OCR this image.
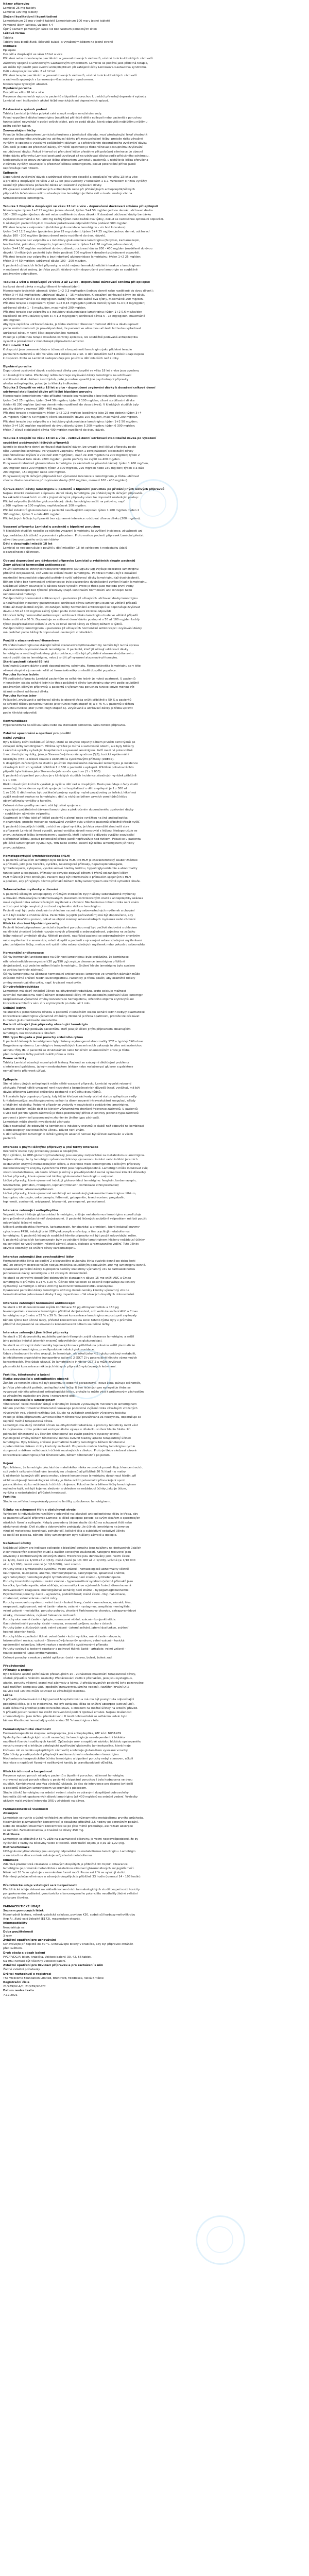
Název přípravku
Lamictal 25 mg tablety
Lamictal 100 mg tablety
Složení kvalitativní i kvantitativní
Lamotriginum 25 mg v jedné tabletě Lamotriginum 100 mg v jedné tabletě
Pomocné látky: laktosa, viz bod 4.4
Úplný seznam pomocných látek viz bod Seznam pomocných látek
Léková forma
Tableta
Tablety jsou bledě žluté, štítovitě kulaté, s vyraženým kódem na jedné straně
Indikace
Epilepsie
Dospělí a dospívající ve věku 13 let a více
Přídatná nebo monoterapie parciálních a generalizovaných záchvatů, včetně tonicko-klonických záchvatů.
Záchvaty spojené s Lennoxovým-Gastautovým syndromem. Lamictal se podává jako přídatná terapie,
ale může být použit jako úvodní antiepileptikum při zahájení léčby Lennoxova-Gastautova syndromu.
Děti a dospívající ve věku 2 až 12 let
Přídatná terapie parciálních a generalizovaných záchvatů, včetně tonicko-klonických záchvatů
a záchvatů spojených s Lennoxovým-Gastautovým syndromem.
Monoterapie typických absencí.
Bipolární porucha
Dospělí ve věku 18 let a více
Prevence depresivních epizod u pacientů s bipolární poruchou I, u nichž převažují depresivní epizody.
Lamictal není indikován k akutní léčbě manických ani depresivních epizod.
Dávkování a způsob podání
Tablety Lamictal je třeba polykat celé a zapít malým množstvím vody.
Pokud vypočtená dávka lamotriginu (například při léčbě dětí s epilepsií nebo pacientů s poruchou
funkce jater) nevychází v počet celých tablet, pak se podá dávka, která odpovídá nejbližšímu nižšímu
počtu celých tablet.
Znovuzahájení léčby
Pokud je léčba přípravkem Lamictal přerušena z jakéhokoli důvodu, musí předepisující lékař zhodnotit
nutnost postupného zvyšování na udržovací dávku při znovuzahájení léčby, protože riziko závažné
vyrážky je spojeno s vysokými počátečními dávkami a s překročením doporučeného zvyšování dávky.
Čím delší je doba od předchozí dávky, tím větší opatrnost je třeba věnovat postupnému zvyšování
na udržovací dávku. Pokud interval od přerušení léčby přesáhne pět poločasů eliminace, je obecně
třeba dávku přípravku Lamictal postupně zvyšovat až na udržovací dávku podle příslušného schématu.
Nedoporučuje se znovu zahajovat léčbu přípravkem Lamictal u pacientů, u nichž byla léčba přerušena
z důvodu vyrážky související s předchozí léčbou lamotriginem, pokud potenciální přínos jasně
nepřevažuje nad rizikem.
Epilepsie
Doporučené zvyšování dávek a udržovací dávky pro dospělé a dospívající ve věku 13 let a více
a pro děti a dospívající ve věku 2 až 12 let jsou uvedeny v tabulkách 1 a 2. Vzhledem k riziku vyrážky
nesmí být překročena počáteční dávka ani následné zvyšování dávky.
Při vysazení souběžně podávaných antiepileptik nebo při přidání jiných antiepileptik/léčivých
přípravků k léčebnému režimu obsahujícímu lamotrigin je třeba vzít v úvahu možný vliv na
farmakokinetiku lamotriginu.
Tabulka 1 Dospělí a dospívající ve věku 13 let a více - doporučené dávkovací schéma při epilepsii
Monoterapie: týden 1+2 25 mg/den jednou denně; týden 3+4 50 mg/den jednou denně; udržovací dávka
100 - 200 mg/den (jednou denně nebo rozděleně do dvou dávek). K dosažení udržovací dávky lze dávku
zvyšovat maximálně o 50 - 100 mg každý týden nebo každé dva týdny, dokud se nedosáhne optimální odpovědi.
U některých pacientů bylo k dosažení požadované odpovědi třeba podávat 500 mg/den.
Přídatná terapie s valproátem (inhibitor glukuronidace lamotriginu - viz bod Interakce):
týden 1+2 12,5 mg/den (podáváno jako 25 mg obden); týden 3+4 25 mg/den jednou denně; udržovací
dávka 100 - 200 mg/den (jednou denně nebo rozděleně do dvou dávek).
Přídatná terapie bez valproátu a s induktory glukuronidace lamotriginu (fenytoin, karbamazepin,
fenobarbital, primidon, rifampicin, lopinavir/ritonavir): týden 1+2 50 mg/den jednou denně;
týden 3+4 100 mg/den rozděleně do dvou dávek; udržovací dávka 200 - 400 mg/den (rozděleně do dvou
dávek). U některých pacientů bylo třeba podávat 700 mg/den k dosažení požadované odpovědi.
Přídatná terapie bez valproátu a bez induktorů glukuronidace lamotriginu: týden 1+2 25 mg/den;
týden 3+4 50 mg/den; udržovací dávka 100 - 200 mg/den.
U pacientů užívajících léčivé přípravky, u nichž nejsou farmakokinetické interakce s lamotriginem
v současné době známy, je třeba použít léčebný režim doporučený pro lamotrigin se souběžně
podávaným valproátem.
Tabulka 2 Děti a dospívající ve věku 2 až 12 let - doporučené dávkovací schéma při epilepsii
(celková denní dávka v mg/kg tělesné hmotnosti/den)
Monoterapie typických absencí: týden 1+2 0,3 mg/kg/den (jednou denně nebo rozděleně do dvou dávek);
týden 3+4 0,6 mg/kg/den; udržovací dávka 1 - 15 mg/kg/den. K dosažení udržovací dávky lze dávku
zvyšovat maximálně o 0,6 mg/kg/den každý týden nebo každé dva týdny, maximálně 200 mg/den.
Přídatná terapie s valproátem: týden 1+2 0,15 mg/kg/den jednou denně; týden 3+4 0,3 mg/kg/den;
udržovací dávka 1 - 5 mg/kg/den, maximálně 200 mg/den.
Přídatná terapie bez valproátu a s induktory glukuronidace lamotriginu: týden 1+2 0,6 mg/kg/den
rozděleně do dvou dávek; týden 3+4 1,2 mg/kg/den; udržovací dávka 5 - 15 mg/kg/den, maximálně
400 mg/den.
Aby byla zajištěna udržovací dávka, je třeba sledovat tělesnou hmotnost dítěte a dávku upravit
podle změn hmotnosti. Je pravděpodobné, že pacienti ve věku dvou až šesti let budou vyžadovat
udržovací dávku v horní části doporučeného rozmezí.
Pokud je s přídatnou terapií dosaženo kontroly epilepsie, lze souběžně podávaná antiepileptika
vysadit a pokračovat v monoterapii přípravkem Lamictal.
Děti mladší 2 let
K dispozici jsou omezené údaje o účinnosti a bezpečnosti lamotriginu jako přídatné terapie
parciálních záchvatů u dětí ve věku od 1 měsíce do 2 let. U dětí mladších než 1 měsíc údaje nejsou
k dispozici. Proto se Lamictal nedoporučuje pro použití u dětí mladších než 2 roky.
Bipolární porucha
Doporučené zvyšování dávek a udržovací dávky pro dospělé ve věku 18 let a více jsou uvedeny
v následující tabulce. Přechodný režim zahrnuje zvyšování dávky lamotriginu na udržovací
stabilizační dávku během šesti týdnů, poté je možné vysadit jiné psychotropní přípravky
a/nebo antiepileptika, pokud je to klinicky indikováno.
Tabulka 3 Dospělí ve věku 18 let a více - doporučené zvyšování dávky k dosažení celkové denní
udržovací stabilizační dávky při léčbě bipolární poruchy
Monoterapie lamotriginem nebo přídatná terapie bez valproátu a bez induktorů glukuronidace:
týden 1+2 25 mg/den; týden 3+4 50 mg/den; týden 5 100 mg/den; cílová stabilizační dávka
(týden 6) 200 mg/den (jednou denně nebo rozděleně do dvou dávek). V klinických studiích byly
použity dávky v rozmezí 100 - 400 mg/den.
Přídatná terapie s valproátem: týden 1+2 12,5 mg/den (podáváno jako 25 mg obden); týden 3+4
25 mg/den; týden 5 50 mg/den; cílová stabilizační dávka 100 mg/den, maximálně 200 mg/den.
Přídatná terapie bez valproátu a s induktory glukuronidace lamotriginu: týden 1+2 50 mg/den;
týden 3+4 100 mg/den rozděleně do dvou dávek; týden 5 200 mg/den; týden 6 300 mg/den;
týden 7 cílová stabilizační dávka 400 mg/den rozděleně do dvou dávek.
Tabulka 4 Dospělí ve věku 18 let a více - celková denní udržovací stabilizační dávka po vysazení
souběžně podávaných léčivých přípravků
Jakmile je dosaženo denní udržovací stabilizační dávky, lze vysadit jiné léčivé přípravky podle
níže uvedeného schématu. Po vysazení valproátu: týden 1 zdvojnásobení stabilizační dávky
(nepřekračovat zvýšení o více než 100 mg/týden), např. ze 100 mg/den na 200 mg/den; týden 2
a dále udržovat tuto dávku (200 mg/den), podle potřeby lze zvýšit na 400 mg/den.
Po vysazení induktorů glukuronidace lamotriginu (v závislosti na původní dávce): týden 1 400 mg/den,
300 mg/den nebo 200 mg/den; týden 2 300 mg/den, 225 mg/den nebo 150 mg/den; týden 3 a dále
200 mg/den, 150 mg/den nebo 100 mg/den.
Po vysazení jiných léčivých přípravků bez významné interakce s lamotriginem je třeba udržovat
cílovou dávku dosaženou při zvyšování dávky (200 mg/den, rozmezí 100 - 400 mg/den).
Úprava denní dávky lamotriginu u pacientů s bipolární poruchou po přidání jiných léčivých přípravků
Nejsou klinické zkušenosti s úpravou denní dávky lamotriginu po přidání jiných léčivých přípravků.
Na základě interakčních studií s jinými léčivými přípravky však lze doporučit následující postup:
Přidání valproátu (inhibitor glukuronidace): dávku lamotriginu snížit na polovinu, např.
z 200 mg/den na 100 mg/den; nepřekračovat 100 mg/den.
Přidání induktorů glukuronidace u pacientů neužívajících valproát: týden 1 200 mg/den, týden 2
300 mg/den, týden 3 a dále 400 mg/den.
Přidání jiných léčivých přípravků bez významné interakce: udržovat cílovou dávku (200 mg/den).
Vysazení přípravku Lamictal u pacientů s bipolární poruchou
V klinických studiích nedošlo po náhlém vysazení lamotriginu ke zvýšení incidence, závažnosti ani
typu nežádoucích účinků v porovnání s placebem. Proto mohou pacienti přípravek Lamictal přestat
užívat bez postupného snižování dávky.
Děti a dospívající mladší 18 let
Lamictal se nedoporučuje k použití u dětí mladších 18 let vzhledem k nedostatku údajů
o bezpečnosti a účinnosti.
Obecná doporučení pro dávkování přípravku Lamictal u zvláštních skupin pacientů
Ženy užívající hormonální antikoncepci
Použití kombinace ethinylestradiol/levonorgestrel (30 µg/150 µg) zvyšuje clearance lamotriginu
přibližně dvojnásobně, což vede ke snížení hladin lamotriginu. Po titraci mohou být k dosažení
maximální terapeutické odpovědi potřebné vyšší udržovací dávky lamotriginu (až dvojnásobné).
Během týdne bez hormonální antikoncepce bylo pozorováno dvojnásobné zvýšení hladin lamotriginu.
Nežádoucí účinky související s dávkou nelze vyloučit. Proto je třeba jako metodu první volby
zvážit antikoncepci bez týdenní přestávky (např. kontinuální hormonální antikoncepci nebo
nehormonální metody).
Zahájení léčby hormonální antikoncepcí u pacientek již užívajících udržovací dávky lamotriginu
a neužívajících induktory glukuronidace: udržovací dávku lamotriginu bude ve většině případů
třeba až dvojnásobně zvýšit. Od zahájení léčby hormonální antikoncepcí se doporučuje zvyšovat
dávku o 50 až 100 mg/den každý týden podle individuální klinické odpovědi.
Ukončení léčby hormonální antikoncepcí: udržovací dávku lamotriginu bude ve většině případů
třeba snížit až o 50 %. Doporučuje se snižovat denní dávku postupně o 50 až 100 mg/den každý
týden (nepřekračovat snížení o 25 % celkové denní dávky za týden) během 3 týdnů.
Zahájení léčby lamotriginem u pacientek již užívajících hormonální antikoncepci: zvyšování dávky
má probíhat podle běžných doporučení uvedených v tabulkách.
Použití s atazanavirem/ritonavirem
Při přidání lamotriginu ke stávající léčbě atazanavirem/ritonavirem by neměla být nutná úprava
doporučeného zvyšování dávek lamotriginu. U pacientů, kteří již užívají udržovací dávky
lamotriginu a neužívají induktory glukuronidace, může být při přidání atazanaviru/ritonaviru
nutné zvýšit dávku lamotriginu, nebo ji snížit při vysazení atazanaviru/ritonaviru.
Starší pacienti (starší 65 let)
Není nutná úprava dávky oproti doporučenému schématu. Farmakokinetika lamotriginu se v této
věkové skupině významně neliší od farmakokinetiky u mladší dospělé populace.
Porucha funkce ledvin
Při podávání přípravku Lamictal pacientům se selháním ledvin je nutná opatrnost. U pacientů
v konečném stadiu selhání ledvin je třeba počáteční dávky lamotriginu stanovit podle souběžně
podávaných léčivých přípravků; u pacientů s významnou poruchou funkce ledvin mohou být
účinné snížené udržovací dávky.
Porucha funkce jater
Počáteční, zvyšované a udržovací dávky je obecně třeba snížit přibližně o 50 % u pacientů
se středně těžkou poruchou funkce jater (Child-Pugh stupeň B) a o 75 % u pacientů s těžkou
poruchou funkce jater (Child-Pugh stupeň C). Zvyšované a udržovací dávky je třeba upravit
podle klinické odpovědi.
Kontraindikace
Hypersenzitivita na léčivou látku nebo na kteroukoli pomocnou látku tohoto přípravku.
Zvláštní upozornění a opatření pro použití
Kožní vyrážka
Byly hlášeny kožní nežádoucí účinky, které se obvykle objevily během prvních osmi týdnů po
zahájení léčby lamotriginem. Většina vyrážek je mírná a samovolně odezní, ale byly hlášeny
i závažné vyrážky vyžadující hospitalizaci a vysazení lamotriginu. Patří mezi ně potenciálně
život ohrožující vyrážky, jako je Stevensův-Johnsonův syndrom (SJS), toxická epidermální
nekrolýza (TEN) a léková reakce s eozinofilií a systémovými příznaky (DRESS).
U dospělých zařazených do studií s použitím doporučeného dávkování lamotriginu je incidence
závažných kožních vyrážek přibližně 1 z 500 u pacientů s epilepsií. Přibližně polovina těchto
případů byla hlášena jako Stevensův-Johnsonův syndrom (1 z 1 000).
U pacientů s bipolární poruchou je v klinických studiích incidence závažných vyrážek přibližně
1 z 1 000.
Riziko závažných kožních vyrážek je vyšší u dětí než u dospělých. Dostupné údaje z řady studií
naznačují, že incidence vyrážek spojených s hospitalizací u dětí s epilepsií je 1 z 300 až
1 ze 100. U dětí mohou být počáteční projevy vyrážky mylně považovány za infekci; lékař má
zvážit možnost reakce na lamotrigin u dětí, u nichž se během prvních osmi týdnů léčby
objeví příznaky vyrážky a horečky.
Celkové riziko vyrážky se navíc zdá být silně spojeno s:
- vysokými počátečními dávkami lamotriginu a překročením doporučeného zvyšování dávky
- souběžným užíváním valproátu.
Opatrnosti je třeba také při léčbě pacientů s alergií nebo vyrážkou na jiná antiepileptika
v anamnéze, protože frekvence nezávažné vyrážky byla u těchto pacientů přibližně třikrát vyšší.
U pacientů (dospělých i dětí), u nichž se objeví vyrážka, je třeba okamžitě zhodnotit stav
a přípravek Lamictal ihned vysadit, pokud vyrážka zjevně nesouvisí s léčbou. Nedoporučuje se
znovu zahajovat léčbu lamotriginem u pacientů, kteří ji ukončili z důvodu vyrážky související
s předchozí léčbou, pokud potenciální přínos jasně nepřevažuje nad rizikem. Pokud se u pacienta
při léčbě lamotriginem vyvinul SJS, TEN nebo DRESS, nesmí být léčba lamotriginem již nikdy
znovu zahájena.
Hemofagocytující lymfohistiocytóza (HLH)
U pacientů užívajících lamotrigin byla hlášena HLH. Pro HLH je charakteristický soubor známek
a příznaků, jako jsou horečka, vyrážka, neurologické příznaky, hepatosplenomegalie,
lymfadenopatie, cytopenie, vysoké sérové hladiny feritinu, hypertriglyceridemie a abnormality
funkce jater a koagulace. Příznaky se obvykle objevují během 4 týdnů od zahájení léčby.
HLH může být život ohrožující. Pacienti mají být informováni o příznacích spojených s HLH
a poučeni, aby při výskytu těchto příznaků během léčby lamotriginem okamžitě vyhledali lékaře.
Sebevražedné myšlenky a chování
U pacientů léčených antiepileptiky v různých indikacích byly hlášeny sebevražedné myšlenky
a chování. Metaanalýza randomizovaných placebem kontrolovaných studií s antiepileptiky ukázala
malé zvýšení rizika sebevražedných myšlenek a chování. Mechanismus tohoto rizika není znám
a dostupné údaje nevylučují možnost zvýšeného rizika u lamotriginu.
Pacienti mají být proto sledováni s ohledem na známky sebevražedných myšlenek a chování
a má být zvážena vhodná léčba. Pacientům (a jejich pečovatelům) má být doporučeno, aby
vyhledali lékařskou pomoc, pokud se objeví známky sebevražedných myšlenek nebo chování.
Klinické zhoršení bipolární poruchy
Pacienti léčení přípravkem Lamictal s bipolární poruchou mají být pečlivě sledováni s ohledem
na klinické zhoršení (včetně rozvoje nových příznaků) a sebevražednost, zejména na začátku
léčby nebo při změnách dávky. Někteří pacienti, například pacienti se sebevražedným chováním
nebo myšlenkami v anamnéze, mladí dospělí a pacienti s výraznými sebevražednými myšlenkami
před zahájením léčby, mohou mít vyšší riziko sebevražedných myšlenek nebo pokusů o sebevraždu.
Hormonální antikoncepce
Účinky hormonální antikoncepce na účinnost lamotriginu: bylo prokázáno, že kombinace
ethinylestradiol/levonorgestrel (30 µg/150 µg) zvyšuje clearance lamotriginu přibližně
dvojnásobně, což vede ke snížení hladin lamotriginu. Snížení hladin lamotriginu bylo spojeno
se ztrátou kontroly záchvatů.
Účinky lamotriginu na účinnost hormonální antikoncepce: lamotrigin ve vysokých dávkách může
způsobit mírné snížení hladin levonorgestrelu. Pacientky je třeba poučit, aby okamžitě hlásily
změny menstruačního cyklu, např. krvácení mezi cykly.
Dihydrofolátreduktáza
Lamotrigin má slabý inhibiční účinek na dihydrofolátreduktázu, proto existuje možnost
ovlivnění metabolismu folátů během dlouhodobé léčby. Při dlouhodobém podávání však lamotrigin
nezpůsoboval významné změny koncentrace hemoglobinu, středního objemu erytrocytů ani
koncentrace folátů v séru či v erytrocytech po dobu až 1 roku.
Selhání ledvin
Ve studiích s jednorázovou dávkou u pacientů v konečném stadiu selhání ledvin nebyly plazmatické
koncentrace lamotriginu významně změněny. Nicméně je třeba opatrnosti, protože lze očekávat
kumulaci glukuronidového metabolitu.
Pacienti užívající jiné přípravky obsahující lamotrigin
Lamictal nemá být podáván pacientům, kteří jsou již léčeni jiným přípravkem obsahujícím
lamotrigin, bez konzultace s lékařem.
EKG typu Brugada a jiné poruchy srdečního rytmu
U pacientů léčených lamotriginem byly hlášeny arytmogenní abnormality ST-T a typický EKG obraz
Brugadova syndromu. Lamotrigin v terapeutických koncentracích vykazuje in vitro antiarytmickou
aktivitu třídy IB. U pacientů se strukturálním nebo funkčním onemocněním srdce je třeba
před zahájením léčby pečlivě zvážit přínos a rizika.
Pomocné látky
Tablety Lamictal obsahují monohydrát laktosy. Pacienti se vzácnými dědičnými problémy
s intolerancí galaktosy, úplným nedostatkem laktázy nebo malabsorpcí glukosy a galaktosy
nemají tento přípravek užívat.
Epilepsie
Stejně jako u jiných antiepileptik může náhlé vysazení přípravku Lamictal vyvolat rebound
záchvaty. Pokud náhlé vysazení není nezbytné z bezpečnostních důvodů (např. vyrážka), má být
dávka přípravku Lamictal snižována postupně v průběhu dvou týdnů.
V literatuře byly popsány případy, kdy těžké křečové záchvaty včetně status epilepticus vedly
k rhabdomyolýze, multiorgánovému selhání a diseminované intravaskulární koagulaci, někdy
s fatálními následky. Podobné případy se vyskytly v souvislosti s podáváním lamotriginu.
Namísto zlepšení může dojít ke klinicky významnému zhoršení frekvence záchvatů. U pacientů
s více než jedním typem záchvatů je třeba pozorovaný přínos z kontroly jednoho typu záchvatů
porovnat s jakýmkoli pozorovaným zhoršením jiného typu záchvatů.
Lamotrigin může zhoršit myoklonické záchvaty.
Údaje naznačují, že odpověď na kombinaci s induktory enzymů je slabší než odpověď na kombinaci
s antiepileptiky bez indukčního účinku. Důvod není znám.
U dětí užívajících lamotrigin k léčbě typických absencí nemusí být účinek zachován u všech
pacientů.
Interakce s jinými léčivými přípravky a jiné formy interakce
Interakční studie byly provedeny pouze u dospělých.
Bylo zjištěno, že UDP-glukuronyltransferázy jsou enzymy zodpovědné za metabolismus lamotriginu.
Nejsou důkazy, že by lamotrigin způsoboval klinicky významnou indukci nebo inhibici jaterních
oxidativních enzymů metabolizujících léčiva, a interakce mezi lamotriginem a léčivými přípravky
metabolizovanými enzymy cytochromu P450 jsou nepravděpodobné. Lamotrigin může indukovat svůj
vlastní metabolismus, ale tento účinek je mírný a pravděpodobně nemá významné klinické důsledky.
Léčivé přípravky, které významně inhibují glukuronidaci lamotriginu: valproát.
Léčivé přípravky, které významně indukují glukuronidaci lamotriginu: fenytoin, karbamazepin,
fenobarbital, primidon, rifampicin, lopinavir/ritonavir, kombinace ethinylestradiol/
levonorgestrel, atazanavir/ritonavir.
Léčivé přípravky, které významně neinhibují ani neindukují glukuronidaci lamotriginu: lithium,
bupropion, olanzapin, oxkarbazepin, felbamát, gabapentin, levetiracetam, pregabalin,
topiramát, zonisamid, aripiprazol, lakosamid, perampanel, paracetamol.
Interakce zahrnující antiepileptika
Valproát, který inhibuje glukuronidaci lamotriginu, snižuje metabolismus lamotriginu a prodlužuje
jeho průměrný poločas téměř dvojnásobně. U pacientů léčených souběžně valproátem má být použit
odpovídající léčebný režim.
Některá antiepileptika (fenytoin, karbamazepin, fenobarbital a primidon), která indukují enzymy
cytochromu P450, indukují také UDP-glukuronyltransferázy, a tím urychlují metabolismus
lamotriginu. U pacientů léčených souběžně těmito přípravky má být použit odpovídající režim.
U pacientů užívajících karbamazepin byly po zahájení léčby lamotriginem hlášeny nežádoucí účinky
na centrální nervový systém, včetně závratí, ataxie, diplopie a rozmazaného vidění. Tyto účinky
obvykle odezněly po snížení dávky karbamazepinu.
Interakce zahrnující jiné psychoaktivní látky
Farmakokinetika lithia po podání 2 g bezvodého glukonátu lithia dvakrát denně po dobu šesti
dnů 20 zdravým dobrovolníkům nebyla změněna souběžným podáváním 100 mg lamotriginu denně.
Opakované perorální dávky bupropionu neměly statisticky významný vliv na farmakokinetiku
jednorázové dávky lamotriginu u 12 zdravých dobrovolníků.
Ve studii se zdravými dospělými dobrovolníky olanzapin v dávce 15 mg snížil AUC a Cmax
lamotriginu v průměru o 24 % a 20 %. Účinek této velikosti se obecně nepovažuje za klinicky
významný. Lamotrigin v dávce 200 mg neovlivnil farmakokinetiku olanzapinu.
Opakované perorální dávky lamotriginu 400 mg denně neměly klinicky významný vliv na
farmakokinetiku jednorázové dávky 2 mg risperidonu u 14 zdravých dospělých dobrovolníků.
Interakce zahrnující hormonální antikoncepci
Ve studii s 16 dobrovolnicemi zvýšila kombinace 30 µg ethinylestradiolu a 150 µg
levonorgestrelu clearance lamotriginu přibližně dvojnásobně, což vedlo ke snížení AUC a Cmax
lamotriginu v průměru o 52 % a 39 %. Sérové koncentrace lamotriginu se postupně zvyšovaly
během týdne bez účinné látky, přičemž koncentrace na konci tohoto týdne byly v průměru
přibližně dvojnásobné ve srovnání s koncentracemi během souběžné léčby.
Interakce zahrnující jiné léčivé přípravky
Ve studii s 10 dobrovolníky mužského pohlaví rifampicin zvýšil clearance lamotriginu a snížil
jeho poločas indukcí jaterních enzymů odpovědných za glukuronidaci.
Ve studii se zdravými dobrovolníky lopinavir/ritonavir přibližně na polovinu snížil plazmatické
koncentrace lamotriginu, pravděpodobně indukcí glukuronidace.
Údaje z hodnocení in vitro ukazují, že lamotrigin, ale nikoli jeho N(2)-glukuronidový metabolit,
je inhibitorem organického transportéru kationtů 2 (OCT 2) v potenciálně klinicky významných
koncentracích. Tyto údaje ukazují, že lamotrigin je inhibitor OCT 2 a může zvyšovat
plazmatické koncentrace některých léčivých přípravků vylučovaných ledvinami.
Fertilita, těhotenství a kojení
Riziko související s antiepileptiky obecně
Ženám ve fertilním věku má být poskytnuto odborné poradenství. Pokud žena plánuje otěhotnět,
je třeba přehodnotit potřebu antiepileptické léčby. U žen léčených pro epilepsii je třeba se
vyvarovat náhlého přerušení antiepileptické léčby, protože to může vést k průlomovým záchvatům
se závažnými následky pro ženu i nenarozené dítě.
Riziko související s lamotriginem
Těhotenství: velké množství údajů o těhotných ženách vystavených monoterapii lamotriginem
během prvního trimestru těhotenství neukazuje podstatné zvýšení rizika závažných vrozených
vývojových vad, včetně rozštěpu úst. Studie na zvířatech prokázaly vývojovou toxicitu.
Pokud je léčba přípravkem Lamictal během těhotenství považována za nezbytnou, doporučuje se
nejnižší možná terapeutická dávka.
Lamotrigin má slabý inhibiční účinek na dihydrofolátreduktázu, a proto by teoreticky mohl vést
ke zvýšenému riziku poškození embryonálního vývoje v důsledku snížení hladin folátu. Při
plánování těhotenství a v časném těhotenství lze zvážit podávání kyseliny listové.
Fyziologické změny během těhotenství mohou ovlivnit hladiny a/nebo terapeutický účinek
lamotriginu. Byly hlášeny snížené plazmatické hladiny lamotriginu během těhotenství
s potenciálním rizikem ztráty kontroly záchvatů. Po porodu mohou hladiny lamotriginu rychle
stoupnout s rizikem nežádoucích účinků souvisejících s dávkou. Proto je třeba sledovat sérové
koncentrace lamotriginu před těhotenstvím, během těhotenství i po porodu.
Kojení
Bylo hlášeno, že lamotrigin přechází do mateřského mléka ve značně proměnlivých koncentracích,
což vede k celkovým hladinám lamotriginu u kojenců až přibližně 50 % hladin u matky.
U některých kojených dětí proto mohou sérové koncentrace lamotriginu dosáhnout hladin, při
nichž se objevují farmakologické účinky. Je třeba zvážit potenciální přínos kojení oproti
potenciálnímu riziku nežádoucích účinků u kojence. Pokud se žena během léčby lamotriginem
rozhodne kojit, má být kojenec sledován s ohledem na nežádoucí účinky, jako je útlum,
vyrážka a nedostatečný přírůstek hmotnosti.
Fertilita
Studie na zvířatech neprokázaly poruchu fertility způsobenou lamotriginem.
Účinky na schopnost řídit a obsluhovat stroje
Vzhledem k individuálním rozdílům v odpovědi na jakoukoli antiepileptickou léčbu je třeba, aby
se pacienti užívající přípravek Lamictal k léčbě epilepsie poradili se svým lékařem o specifických
otázkách řízení a epilepsie. Nebyly provedeny žádné studie účinků na schopnost řídit nebo
obsluhovat stroje. Dvě studie s dobrovolníky prokázaly, že účinek lamotriginu na jemnou
vizuální motorickou koordinaci, pohyby očí, kolísání těla a subjektivní sedativní účinky
se neliší od placeba. Během léčby lamotriginem byly hlášeny závratě a diplopie.
Nežádoucí účinky
Nežádoucí účinky pro indikace epilepsie a bipolární porucha jsou založeny na dostupných údajích
z kontrolovaných klinických studií a dalších klinických zkušeností. Kategorie frekvencí jsou
odvozeny z kontrolovaných klinických studií. Frekvence jsou definovány jako: velmi časté
(≥ 1/10), časté (≥ 1/100 až < 1/10), méně časté (≥ 1/1 000 až < 1/100), vzácné (≥ 1/10 000
až < 1/1 000), velmi vzácné (< 1/10 000), není známo.
Poruchy krve a lymfatického systému: velmi vzácné - hematologické abnormality včetně
neutropenie, leukopenie, anémie, trombocytopenie, pancytopenie, aplastické anémie,
agranulocytózy; hemofagocytující lymfohistiocytóza; není známo - lymfadenopatie.
Poruchy imunitního systému: velmi vzácné - hypersenzitivní syndrom (včetně příznaků jako
horečka, lymfadenopatie, otok obličeje, abnormality krve a jaterních funkcí, diseminovaná
intravaskulární koagulace, multiorgánové selhání); není známo - hypogamaglobulinemie.
Psychiatrické poruchy: časté - agresivita, podrážděnost; méně časté - tiky, halucinace,
zmatenost; velmi vzácné - noční můry.
Poruchy nervového systému: velmi časté - bolest hlavy; časté - somnolence, závratě, třes,
nespavost, agitovanost; méně časté - ataxie; vzácné - nystagmus, aseptická meningitida;
velmi vzácné - nestabilita, poruchy pohybu, zhoršení Parkinsonovy choroby, extrapyramidové
účinky, choreoatetóza, zvýšení frekvence záchvatů.
Poruchy oka: méně časté - diplopie, rozmazané vidění; vzácné - konjunktivitida.
Gastrointestinální poruchy: časté - nauzea, zvracení, průjem, sucho v ústech.
Poruchy jater a žlučových cest: velmi vzácné - jaterní selhání, jaterní dysfunkce, zvýšení
hodnot jaterních testů.
Poruchy kůže a podkožní tkáně: velmi časté - kožní vyrážka; méně časté - alopecie,
fotosenzitivní reakce; vzácné - Stevensův-Johnsonův syndrom; velmi vzácné - toxická
epidermální nekrolýza, léková reakce s eozinofilií a systémovými příznaky.
Poruchy svalové a kosterní soustavy a pojivové tkáně: časté - artralgie; velmi vzácné -
reakce podobné lupus erythematodes.
Celkové poruchy a reakce v místě aplikace: časté - únava, bolest, bolest zad.
Předávkování
Příznaky a projevy
Bylo hlášeno akutní požití dávek přesahujících 10 - 20násobek maximální terapeutické dávky,
včetně případů s fatálními následky. Předávkování vedlo k příznakům, jako jsou nystagmus,
ataxie, poruchy vědomí, grand mal záchvaty a kóma. U předávkovaných pacientů bylo pozorováno
také rozšíření komplexu QRS (zpoždění intraventrikulárního vedení). Rozšíření trvání QRS
na více než 100 ms může souviset se závažnější toxicitou.
Léčba
V případě předávkování má být pacient hospitalizován a má mu být poskytnuta odpovídající
podpůrná léčba. Je-li to indikováno, má být zahájena léčba ke snížení absorpce (aktivní uhlí).
Další léčba má probíhat podle klinického stavu, s ohledem na možné účinky na srdeční převod.
V případě poruch vedení lze zvážit intravenózní podání lipidové emulze. Nejsou zkušenosti
s hemodialýzou jako léčbou předávkování. U šesti dobrovolníků se selháním ledvin bylo
během 4hodinové hemodialýzy odstraněno 20 % lamotriginu z těla.
Farmakodynamické vlastnosti
Farmakoterapeutická skupina: antiepileptika, jiná antiepileptika, ATC kód: N03AX09
Výsledky farmakologických studií naznačují, že lamotrigin je use-dependentní blokátor
napěťově řízených sodíkových kanálů. Způsobuje use- a napěťově závislou blokádu opakovaného
vzruchu neuronů a inhibuje patologické uvolňování glutamátu (aminokyselina, která hraje
klíčovou roli ve vzniku epileptických záchvatů) a inhibuje glutamátem vyvolané vzruchy.
Tyto účinky pravděpodobně přispívají k antikonvulzivním vlastnostem lamotriginu.
Mechanismus terapeutického účinku lamotriginu u bipolární poruchy nebyl stanoven, ačkoli
interakce s napěťově řízenými sodíkovými kanály je pravděpodobně důležitá.
Klinická účinnost a bezpečnost
Prevence epizod poruch nálady u pacientů s bipolární poruchou: účinnost lamotriginu
v prevenci epizod poruch nálady u pacientů s bipolární poruchou I byla hodnocena ve dvou
studiích. Kombinovaná analýza výsledků ukázala, že čas do intervence pro depresi byl delší
u pacientů léčených lamotriginem ve srovnání s placebem.
Studie účinků lamotriginu na srdeční vedení: studie se zdravými dospělými dobrovolníky
hodnotila účinek opakovaných dávek lamotriginu (až 400 mg/den) na srdeční vedení. Výsledky
ukázaly malé zvýšení intervalu QRS v závislosti na dávce.
Farmakokinetické vlastnosti
Absorpce
Lamotrigin se rychle a úplně vstřebává ze střeva bez významného metabolismu prvního průchodu.
Maximálních plazmatických koncentrací je dosaženo přibližně 2,5 hodiny po perorálním podání.
Doba do dosažení maximální koncentrace se po jídle mírně prodlužuje, ale rozsah absorpce
se nemění. Farmakokinetika je lineární do dávky 450 mg.
Distribuce
Lamotrigin se přibližně z 55 % váže na plazmatické bílkoviny. Je velmi nepravděpodobné, že by
vytěsnění z vazby na bílkoviny vedlo k toxicitě. Distribuční objem je 0,92 až 1,22 l/kg.
Biotransformace
UDP-glukuronyltransferázy jsou enzymy odpovědné za metabolismus lamotriginu. Lamotrigin
v závislosti na dávce mírně indukuje svůj vlastní metabolismus.
Eliminace
Zdánlivá plazmatická clearance u zdravých dospělých je přibližně 30 ml/min. Clearance
lamotriginu je primárně metabolická s následnou eliminací glukuronidových konjugátů močí.
Méně než 10 % se vylučuje v nezměněné formě močí. Pouze asi 2 % se vylučují stolicí.
Průměrný poločas eliminace u zdravých dospělých je přibližně 33 hodin (rozmezí 14 - 103 hodin).
Předklinické údaje vztahující se k bezpečnosti
Předklinické údaje získané na základě konvenčních farmakologických studií bezpečnosti, toxicity
po opakovaném podávání, genotoxicity a kancerogenního potenciálu neodhalily žádné zvláštní
riziko pro člověka.
FARMACEUTICKÉ ÚDAJE
Seznam pomocných látek
Monohydrát laktosy, mikrokrystalická celulosa, povidon K30, sodná sůl karboxymethylškrobu
(typ A), žlutý oxid železitý (E172), magnesium-stearát.
Inkompatibility
Neuplatňuje se.
Doba použitelnosti
3 roky
Zvláštní opatření pro uchovávání
Uchovávejte při teplotě do 30 °C. Uchovávejte blistry v krabičce, aby byl přípravek chráněn
před světlem.
Druh obalu a obsah balení
PVC/PVDC/Al blistr, krabička. Velikost balení: 30, 42, 56 tablet.
Na trhu nemusí být všechny velikosti balení.
Zvláštní opatření pro likvidaci přípravku a pro zacházení s ním
Žádné zvláštní požadavky.
Držitel rozhodnutí o registraci
The Wellcome Foundation Limited, Brentford, Middlesex, Velká Británie
Registrační čísla
21/289/92-A/C, 21/289/92-C/C
Datum revize textu
7.12.2021
